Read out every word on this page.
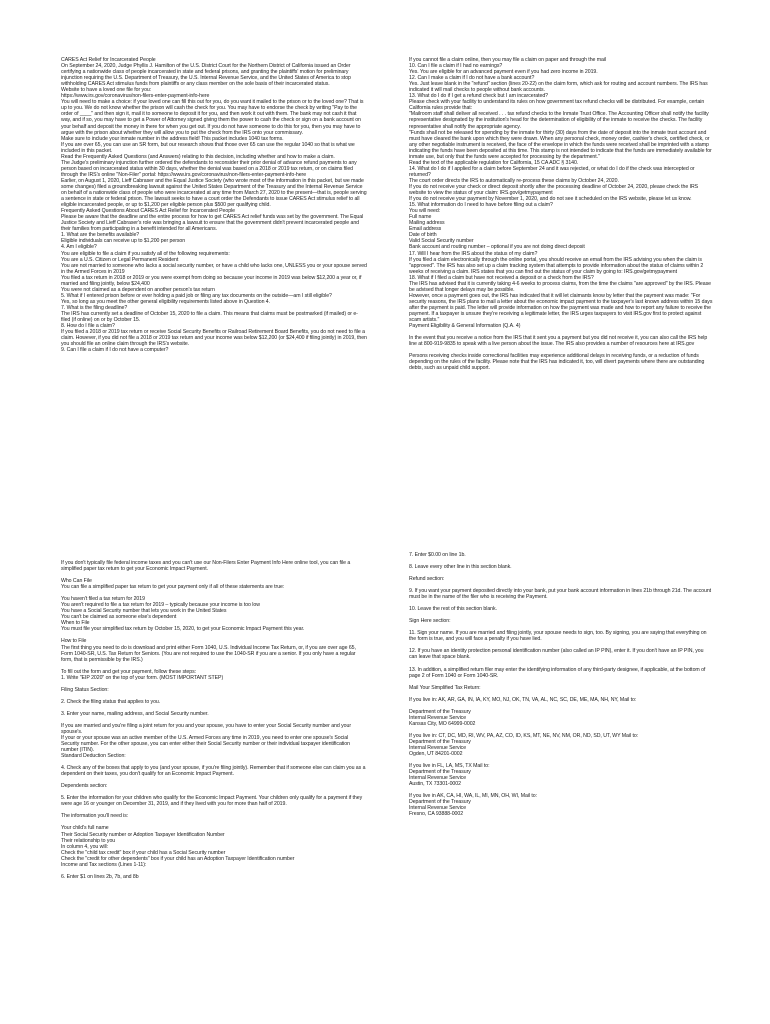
CARES Act Relief for Incarcerated People

On September 24, 2020, Judge Phyllis J. Hamilton of the U.S. District Court for the Northern District of California issued an Order certifying a nationwide class of people incarcerated in state and federal prisons, and granting the plaintiffs' motion for preliminary injunction requiring the U.S. Department of Treasury, the U.S. Internal Revenue Service, and the United States of America to stop withholding CARES Act stimulus funds from plaintiffs or any class member on the sole basis of their incarcerated status.

Website to have a loved one file for you:

https://www.irs.gov/coronavirus/non-filers-enter-payment-info-here

You will need to make a choice: if your loved one can fill this out for you, do you want it mailed to the prison or to the loved one? That is up to you. We do not know whether the prison will cash the check for you. You may have to endorse the check by writing "Pay to the order of ____" and then sign it, mail it to someone to deposit it for you, and then work it out with them. The bank may not cash it that way, and if so, you may have to get a Power of Attorney signed giving them the power to cash the check or sign on a bank account on your behalf and deposit the money in there for when you get out. If you do not have someone to do this for you, then you may have to argue with the prison about whether they will allow you to put the check from the IRS onto your commissary.

Make sure to include your inmate number in the address field! This packet includes 1040 tax forms.

If you are over 65, you can use an SR form, but our research shows that those over 65 can use the regular 1040 so that is what we included in this packet.

Read the Frequently Asked Questions (and Answers) relating to this decision, including whether and how to make a claim.

The Judge's preliminary injunction further ordered the defendants to reconsider their prior denial of advance refund payments to any person based on incarcerated status within 30 days, whether the denial was based on a 2018 or 2019 tax return, or on claims filed through the IRS's online "Non-Filer" portal: https://www.irs.gov/coronavirus/non-filers-enter-payment-info-here

Earlier, on August 1, 2020, Lieff Cabraser and the Equal Justice Society (who wrote most of the information in this packet, but we made some changes) filed a groundbreaking lawsuit against the United States Department of the Treasury and the Internal Revenue Service on behalf of a nationwide class of people who were incarcerated at any time from March 27, 2020 to the present—that is, people serving a sentence in state or federal prison. The lawsuit seeks to have a court order the Defendants to issue CARES Act stimulus relief to all eligible incarcerated people, or up to $1,200 per eligible person plus $500 per qualifying child.

Frequently Asked Questions About CARES Act Relief for Incarcerated People

Please be aware that the deadline and the entire process for how to get CARES Act relief funds was set by the government. The Equal Justice Society and Lieff Cabraser's role was bringing a lawsuit to ensure that the government didn't prevent incarcerated people and their families from participating in a benefit intended for all Americans.

1. What are the benefits available?

Eligible individuals can receive up to $1,200 per person

4. Am I eligible?

You are eligible to file a claim if you satisfy all of the following requirements:

You are a U.S. Citizen or Legal Permanent Resident

You are not married to someone who lacks a social security number, or have a child who lacks one, UNLESS you or your spouse served in the Armed Forces in 2019

You filed a tax return in 2018 or 2019 or you were exempt from doing so because your income in 2019 was below $12,200 a year or, if married and filing jointly, below $24,400

You were not claimed as a dependent on another person's tax return

5. What if I entered prison before or ever holding a paid job or filing any tax documents on the outside—am I still eligible?

Yes, so long as you meet the other general eligibility requirements listed above in Question 4.

7. What is the filing deadline?

The IRS has currently set a deadline of October 15, 2020 to file a claim. This means that claims must be postmarked (if mailed) or e-filed (if online) on or by October 15.

8. How do I file a claim?

If you filed a 2018 or 2019 tax return or receive Social Security Benefits or Railroad Retirement Board Benefits, you do not need to file a claim. However, if you did not file a 2018 or 2019 tax return and your income was below $12,200 (or $24,400 if filing jointly) in 2019, then you should file an online claim through the IRS's website.

9. Can I file a claim if I do not have a computer?

If you cannot file a claim online, then you may file a claim on paper and through the mail

10. Can I file a claim if I had no earnings?

Yes. You are eligible for an advanced payment even if you had zero income in 2019.

12. Can I make a claim if I do not have a bank account?

Yes. Just leave blank in the "refund" section (lines 20-22) on the claim form, which ask for routing and account numbers. The IRS has indicated it will mail checks to people without bank accounts.

13. What do I do if I get a refund check but I am incarcerated?

Please check with your facility to understand its rules on how government tax refund checks will be distributed. For example, certain California rules provide that:

"Mailroom staff shall deliver all received . . . tax refund checks to the Inmate Trust Office. The Accounting Officer shall notify the facility representative designated by the institution's head for the determination of eligibility of the inmate to receive the checks. The facility representative shall notify the appropriate agency.

"Funds shall not be released for spending by the inmate for thirty (30) days from the date of deposit into the inmate trust account and must have cleared the bank upon which they were drawn. When any personal check, money order, cashier's check, certified check, or any other negotiable instrument is received, the face of the envelope in which the funds were received shall be imprinted with a stamp indicating the funds have been deposited at this time. This stamp is not intended to indicate that the funds are immediately available for inmate use, but only that the funds were accepted for processing by the department."

Read the text of the applicable regulation for California, 15 CA ADC § 3140.

14. What do I do if I applied for a claim before September 24 and it was rejected, or what do I do if the check was intercepted or returned?

The court order directs the IRS to automatically re-process these claims by October 24, 2020.

If you do not receive your check or direct deposit shortly after the processing deadline of October 24, 2020, please check the IRS website to view the status of your claim: IRS.gov/getmypayment

If you do not receive your payment by November 1, 2020, and do not see it scheduled on the IRS website, please let us know.

15. What information do I need to have before filing out a claim?

You will need:

Full name

Mailing address

Email address

Date of birth

Valid Social Security number

Bank account and routing number – optional if you are not doing direct deposit

17. Will I hear from the IRS about the status of my claim?

If you filed a claim electronically through the online portal, you should receive an email from the IRS advising you when the claim is "approved". The IRS has also set up a claim tracking system that attempts to provide information about the status of claims within 2 weeks of receiving a claim. IRS states that you can find out the status of your claim by going to: IRS.gov/getmypayment

18. What if I filed a claim but have not received a deposit or a check from the IRS?

The IRS has advised that it is currently taking 4-6 weeks to process claims, from the time the claims "are approved" by the IRS. Please be advised that longer delays may be possible.

However, once a payment goes out, the IRS has indicated that it will let claimants know by letter that the payment was made: "For security reasons, the IRS plans to mail a letter about the economic impact payment to the taxpayer's last known address within 15 days after the payment is paid. The letter will provide information on how the payment was made and how to report any failure to receive the payment. If a taxpayer is unsure they're receiving a legitimate letter, the IRS urges taxpayers to visit IRS.gov first to protect against scam artists."

Payment Eligibility & General Information (Q.A. 4)

In the event that you receive a notice from the IRS that it sent you a payment but you did not receive it, you can also call the IRS help line at 800-919-9835 to speak with a live person about the issue. The IRS also provides a number of resources here at IRS.gov

Persons receiving checks inside correctional facilities may experience additional delays in receiving funds, or a reduction of funds depending on the rules of the facility. Please note that the IRS has indicated it, too, will divert payments where there are outstanding debts, such as unpaid child support.

If you don't typically file federal income taxes and you can't use our Non-Filers Enter Payment Info Here online tool, you can file a simplified paper tax return to get your Economic Impact Payment.

Who Can File

You can file a simplified paper tax return to get your payment only if all of these statements are true:

You haven't filed a tax return for 2019

You aren't required to file a tax return for 2019 – typically because your income is too low

You have a Social Security number that lets you work in the United States

You can't be claimed as someone else's dependent

When to File

You must file your simplified tax return by October 15, 2020, to get your Economic Impact Payment this year.

How to File

The first thing you need to do is download and print either Form 1040, U.S. Individual Income Tax Return, or, if you are over age 65, Form 1040-SR, U.S. Tax Return for Seniors. (You are not required to use the 1040-SR if you are a senior. If you only have a regular form, that is permissible by the IRS.)

To fill out the form and get your payment, follow these steps:

1. Write "EIP 2020" on the top of your form. (MOST IMPORTANT STEP)

Filing Status Section:

2. Check the filing status that applies to you.

3. Enter your name, mailing address, and Social Security number.

If you are married and you're filing a joint return for you and your spouse, you have to enter your Social Security number and your spouse's.

If your or your spouse was an active member of the U.S. Armed Forces any time in 2019, you need to enter one spouse's Social Security number. For the other spouse, you can enter either their Social Security number or their individual taxpayer identification number (ITIN).

Standard Deduction Section:

4. Check any of the boxes that apply to you (and your spouse, if you're filing jointly). Remember that if someone else can claim you as a dependent on their taxes, you don't qualify for an Economic Impact Payment.

Dependents section:

5. Enter the information for your children who qualify for the Economic Impact Payment. Your children only qualify for a payment if they were age 16 or younger on December 31, 2019, and if they lived with you for more than half of 2019.

The information you'll need is:

Your child's full name

Their Social Security number or Adoption Taxpayer Identification Number

Their relationship to you

In column 4, you will:

Check the "child tax credit" box if your child has a Social Security number

Check the "credit for other dependents" box if your child has an Adoption Taxpayer Identification number

Income and Tax sections (Lines 1-11):

6. Enter $1 on lines 2b, 7b, and 8b

7. Enter $0.00 on line 1b.

8. Leave every other line in this section blank.

Refund section:

9. If you want your payment deposited directly into your bank, put your bank account information in lines 21b through 21d. The account must be in the name of the filer who is receiving the Payment.

10. Leave the rest of this section blank.

Sign Here section:

11. Sign your name. If you are married and filing jointly, your spouse needs to sign, too. By signing, you are saying that everything on the form is true, and you will face a penalty if you have lied.

12. If you have an identity protection personal identification number (also called an IP PIN), enter it. If you don't have an IP PIN, you can leave that space blank.

13. In addition, a simplified return filer may enter the identifying information of any third-party designee, if applicable, at the bottom of page 2 of Form 1040 or Form 1040-SR.

Mail Your Simplified Tax Return:

If you live in: AK, AR, GA, IN, IA, KY, MO, NJ, OK, TN, VA, AL, NC, SC, DE, ME, MA, NH, NY, Mail to:

Department of the Treasury

Internal Revenue Service

Kansas City, MO 64999-0002

If you live in: CT, DC, MD, RI, WV, PA, AZ, CO, ID, KS, MT, NE, NV, NM, OR, ND, SD, UT, WY Mail to:

Department of the Treasury

Internal Revenue Service

Ogden, UT 84201-0002

If you live in FL, LA, MS, TX Mail to:

Department of the Treasury

Internal Revenue Service

Austin, TX 73301-0002

If you live in AK, CA, HI, WA, IL, MI, MN, OH, WI, Mail to:

Department of the Treasury

Internal Revenue Service

Fresno, CA 93888-0002
